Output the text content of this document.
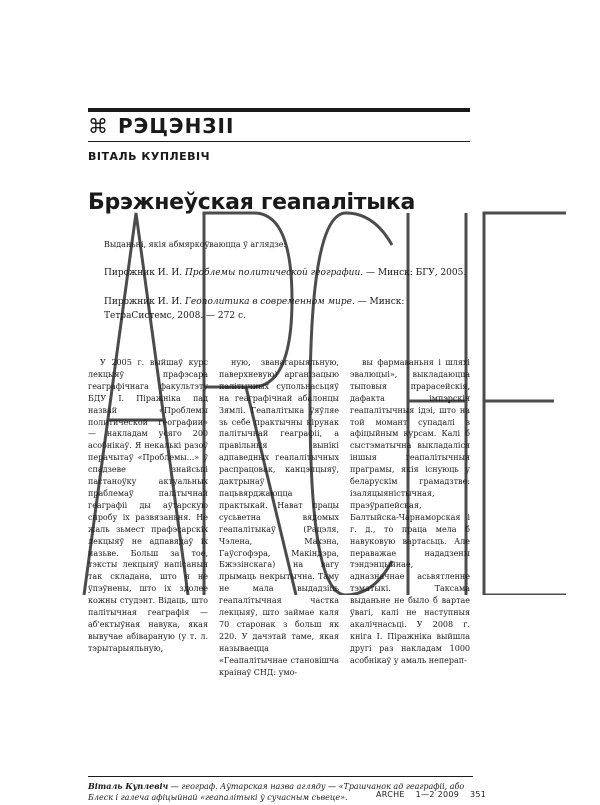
⌘ РЭЦЭНЗІІ
ВІТАЛЬ КУПЛЕВІЧ
Брэжнеўская геапалітыка
Выданьні, якія абмяркоўваюцца ў аглядзе:
Пирожник И. И. Проблемы политической географии. — Минск: БГУ, 2005.
Пирожник И. И. Геополитика в современном мире. — Минск: ТетраСистемс, 2008. — 272 с.

У 2005 г. выйшаў курс лекцыяў прафэсара геаграфічнага факультэту БДУ І. Піражніка пад назвай «Проблемы политической географии» — накладам усяго 200 асобнікаў. Я некалькі разоў перачытаў «Проблемы...» ў спадзеве знайсьці пастаноўку актуальных праблемаў палітычнай геаграфіі ды аўтарскую спробу іх развязаньня. Не жаль зьмест прафэсарскіх лекцыяў не адпавядаў іх назьве. Больш за тое, тэксты лекцыяў напісаныя так складана, што я не ўпэўнены, што іх здолее кожны студэнт. Відаць, што палітычная геаграфія — аб'ектыўная навука, якая вывучае абівараную (у т. л. тэрытарыяльную,

ную, званагарыяльную, паверхневую) арганізацыю палітычных супольнасьцяў на геаграфічнай абалонцы Зямлі. Геапалітыка ўяўляе зь себе практычны кірунак палітычнай геаграфіі, а правільныя вынікі адпаведных геапалітычных распрацовак, канцэпцыяў, дактрынаў пацьвярджаюцца практыкай. Нават працы сусьветна вядомых геапалітыкаў (Рацэля, Чэлена, Махэна, Гаўсгофэра, Макіндэра, Бжэзінскага) на вагу прымаць некрытычна. Таму не мала выдадзіць геапалітычная частка лекцыяў, што займае каля 70 старонак з больш як 220. У дачэтай таме, якая называецца «Геапалітычнае становішча краінаў СНД: умо-

вы фармаваньня і шляхі эвалюцыі», выкладаюцца тыповыя прарасейскія, дафакта імпэрскія геапалітычныя ідэі, што на той момант супадалі з афіцыйным курсам. Калі б сыстэматычна выкладаліся іншыя геапалітычныя праграмы, якія існуюць у беларускім грамадзтве: ізаляцыяністычная, праэўрапейская, Балтыйска-Чарнаморская і г. д., то праца мела б навуковую вартасьць. Але пераважае нададзены тэндэнцыйнае, адназначнае асьвятленне тэматыкі. Таксама выданьне не было б вартае ўвагі, калі не наступныя акалічнасьці. У 2008 г. кніга І. Піражніка выйшла другі раз накладам 1000 асобнікаў у амаль неперап-

Віталь Куплевіч — географ. Аўтарская назва агляду — «Трашчанок ад геаграфіі, або Блеск і галеча афіцыйнай «геапалітыкі ў сучасным сьвеце».	ARCHE 1—2 2009 351
